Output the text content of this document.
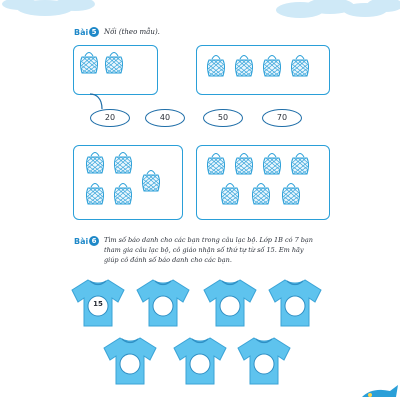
Bài 5	Nối (theo mẫu).
20	40	50	70
Bài 6	Tìm số báo danh cho các bạn trong câu lạc bộ. Lớp 1B có 7 bạn
tham gia câu lạc bộ, cô giáo nhận số thứ tự từ số 15. Em hãy
giúp cô đánh số báo danh cho các bạn.
15
